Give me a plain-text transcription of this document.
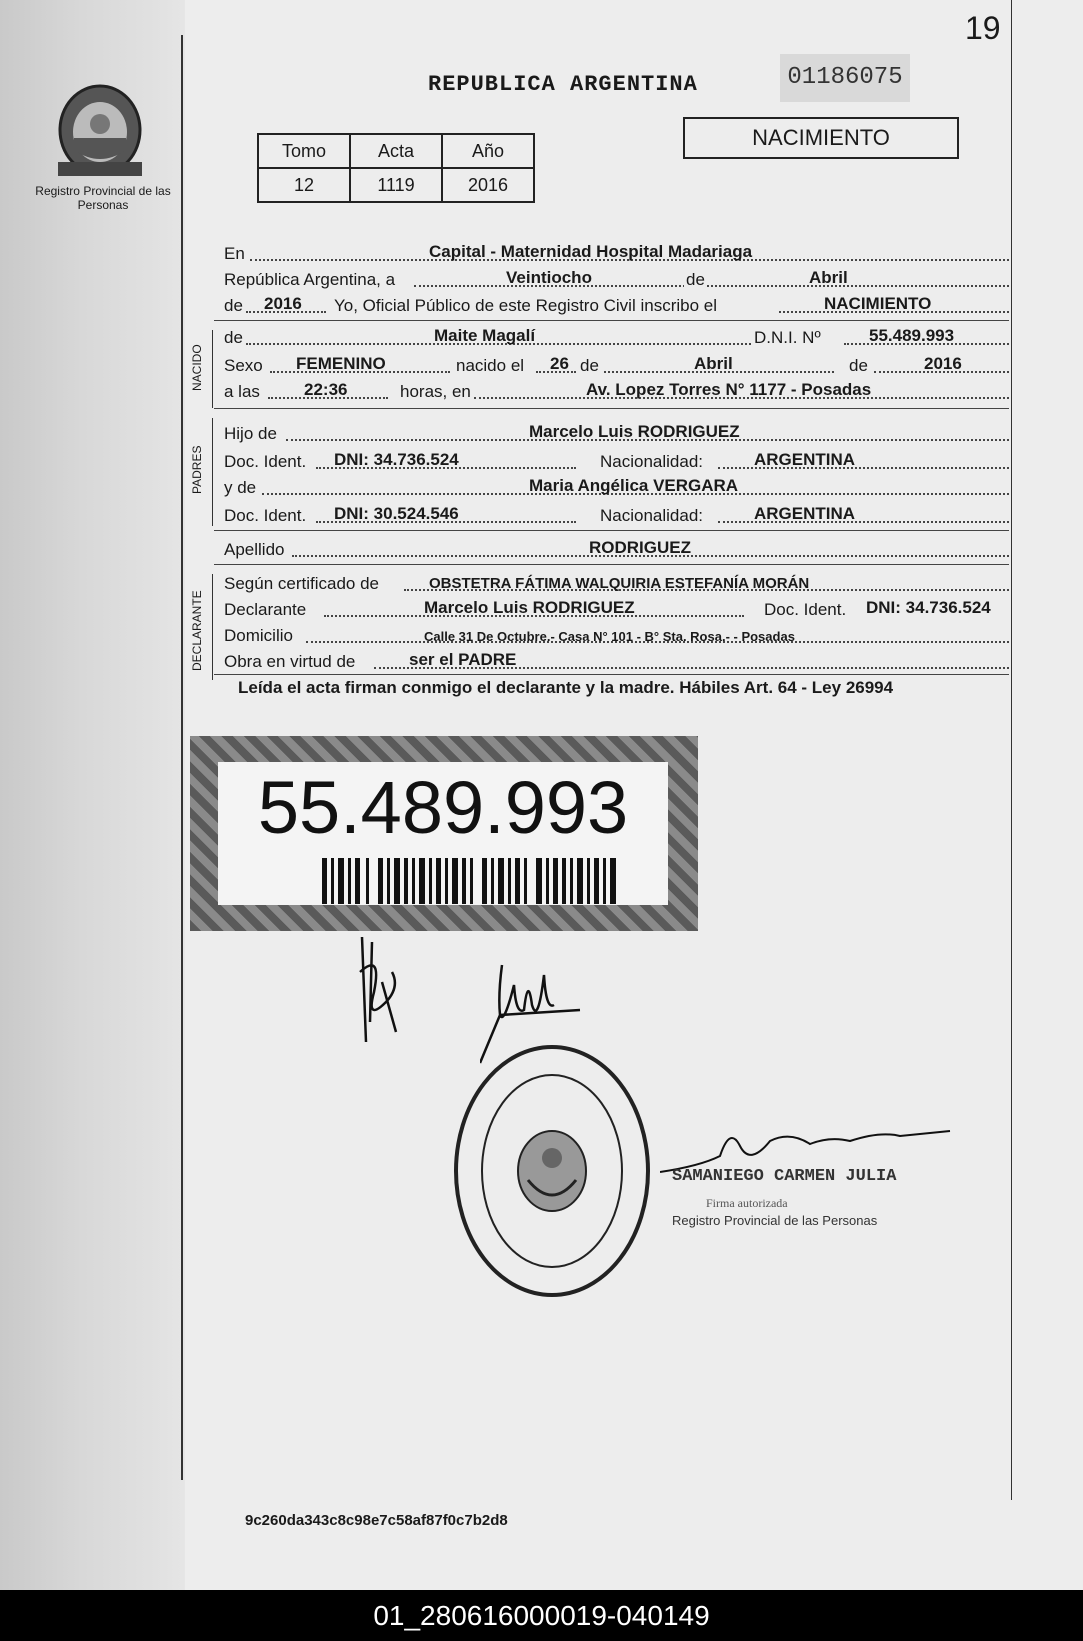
19
Registro Provincial de las Personas
REPUBLICA ARGENTINA	01186075
Tomo	Acta	Año
12	1119	2016
NACIMIENTO
En	Capital - Maternidad Hospital Madariaga
República Argentina, a	Veintiocho	de	Abril
de 2016 Yo, Oficial Público de este Registro Civil inscribo el	NACIMIENTO
NACIDO
de	Maite Magalí	D.N.I. Nº	55.489.993
Sexo FEMENINO	nacido el 26 de	Abril	de	2016
a las	22:36	horas, en	Av. Lopez Torres N° 1177 - Posadas
PADRES
Hijo de	Marcelo Luis RODRIGUEZ
Doc. Ident. DNI: 34.736.524	Nacionalidad:	ARGENTINA
y de	Maria Angélica VERGARA
Doc. Ident. DNI: 30.524.546	Nacionalidad:	ARGENTINA
Apellido	RODRIGUEZ
DECLARANTE
Según certificado de	OBSTETRA FÁTIMA WALQUIRIA ESTEFANÍA MORÁN
Declarante	Marcelo Luis RODRIGUEZ	Doc. Ident. DNI: 34.736.524
Domicilio	Calle 31 De Octubre.- Casa N° 101 - B° Sta. Rosa.- - Posadas
Obra en virtud de	ser el PADRE
Leída el acta firman conmigo el declarante y la madre. Hábiles Art. 64 - Ley 26994
55.489.993
SAMANIEGO CARMEN JULIA
Firma autorizada
Registro Provincial de las Personas
9c260da343c8c98e7c58af87f0c7b2d8
01_280616000019-040149
